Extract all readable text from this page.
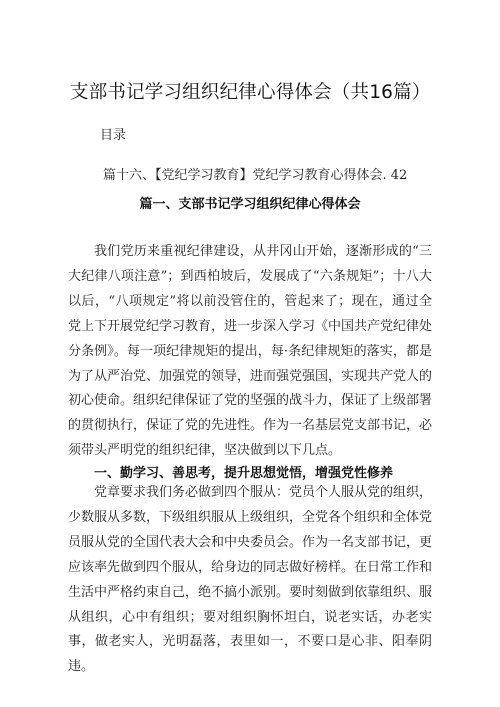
支部书记学习组织纪律心得体会（共16篇）
目录
篇十六、【党纪学习教育】党纪学习教育心得体会. 42
篇一、支部书记学习组织纪律心得体会

我们党历来重视纪律建设，从井冈山开始，逐渐形成的“三大纪律八项注意”；到西柏坡后，发展成了“六条规矩”；十八大以后，“八项规定”将以前没管住的，管起来了；现在，通过全党上下开展党纪学习教育，进一步深入学习《中国共产党纪律处分条例》。每一项纪律规矩的提出，每·条纪律规矩的落实，都是为了从严治党、加强党的领导，进而强党强国，实现共产党人的初心使命。组织纪律保证了党的坚强的战斗力，保证了上级部署的贯彻执行，保证了党的先进性。作为一名基层党支部书记，必须带头严明党的组织纪律，坚决做到以下几点。

一、勤学习、善思考，提升思想觉悟，增强党性修养

党章要求我们务必做到四个服从：党员个人服从党的组织，少数服从多数，下级组织服从上级组织，全党各个组织和全体党员服从党的全国代表大会和中央委员会。作为一名支部书记，更应该率先做到四个服从，给身边的同志做好榜样。在日常工作和生活中严格约束自己，绝不搞小派别。要时刻做到依靠组织、服从组织，心中有组织；要对组织胸怀坦白，说老实话，办老实事，做老实人，光明磊落，表里如一，不要口是心非、阳奉阴违。
